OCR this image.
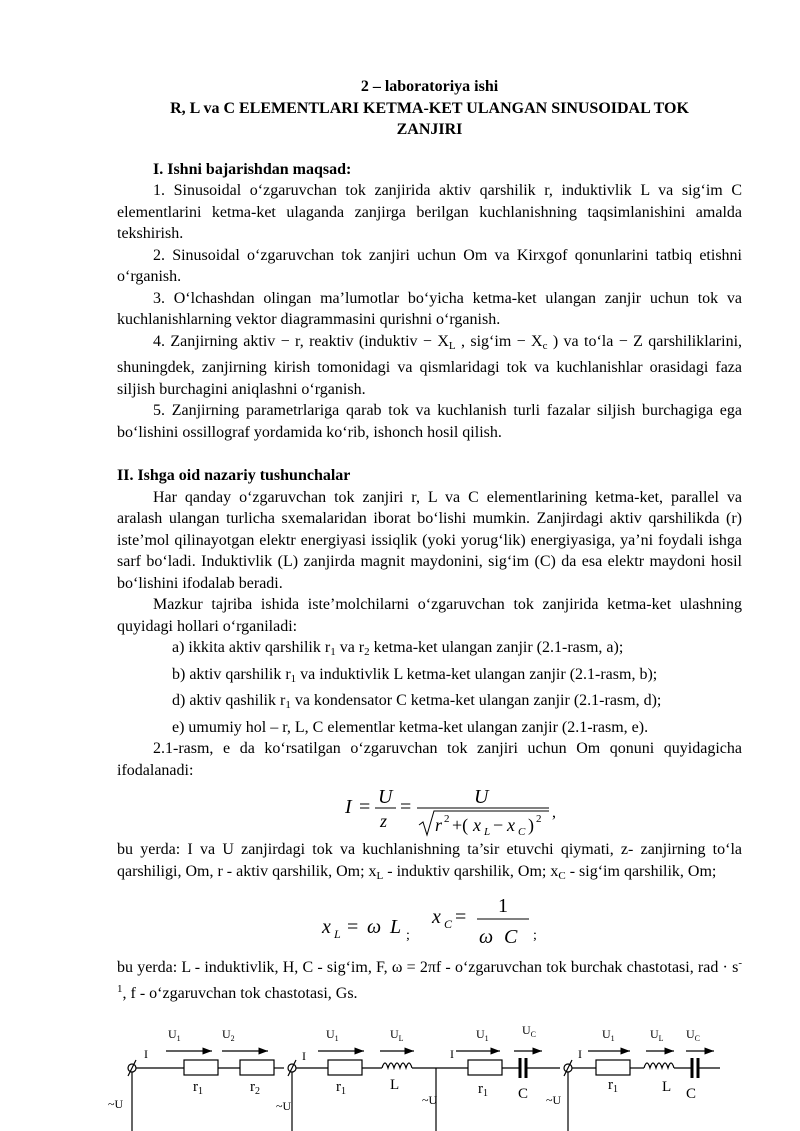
2 – laboratoriya ishi
R, L va C ELEMENTLARI KETMA-KET ULANGAN SINUSOIDAL TOK
ZANJIRI
I. Ishni bajarishdan maqsad:
1. Sinusoidal o‘zgaruvchan tok zanjirida aktiv qarshilik r, induktivlik L va sig‘im C elementlarini ketma-ket ulaganda zanjirga berilgan kuchlanishning taqsimlanishini amalda tekshirish.
2. Sinusoidal o‘zgaruvchan tok zanjiri uchun Om va Kirxgof qonunlarini tatbiq etishni o‘rganish.
3. O‘lchashdan olingan ma’lumotlar bo‘yicha ketma-ket ulangan zanjir uchun tok va kuchlanishlarning vektor diagrammasini qurishni o‘rganish.
4. Zanjirning aktiv − r, reaktiv (induktiv − $X_L$ , sig‘im − $X_c$ ) va to‘la − Z qarshiliklarini, shuningdek, zanjirning kirish tomonidagi va qismlaridagi tok va kuchlanishlar orasidagi faza siljish burchagini aniqlashni o‘rganish.
5. Zanjirning parametrlariga qarab tok va kuchlanish turli fazalar siljish burchagiga ega bo‘lishini ossillograf yordamida ko‘rib, ishonch hosil qilish.
II. Ishga oid nazariy tushunchalar
Har qanday o‘zgaruvchan tok zanjiri r, L va C elementlarining ketma-ket, parallel va aralash ulangan turlicha sxemalaridan iborat bo‘lishi mumkin. Zanjirdagi aktiv qarshilikda (r) iste’mol qilinayotgan elektr energiyasi issiqlik (yoki yorug‘lik) energiyasiga, ya’ni foydali ishga sarf bo‘ladi. Induktivlik (L) zanjirda magnit maydonini, sig‘im (C) da esa elektr maydoni hosil bo‘lishini ifodalab beradi.
Mazkur tajriba ishida iste’molchilarni o‘zgaruvchan tok zanjirida ketma-ket ulashning quyidagi hollari o‘rganiladi:
a) ikkita aktiv qarshilik $r_1$ va $r_2$ ketma-ket ulangan zanjir (2.1-rasm, a);
b) aktiv qarshilik $r_1$ va induktivlik L ketma-ket ulangan zanjir (2.1-rasm, b);
d) aktiv qashilik $r_1$ va kondensator C ketma-ket ulangan zanjir (2.1-rasm, d);
e) umumiy hol – r, L, C elementlar ketma-ket ulangan zanjir (2.1-rasm, e).
2.1-rasm, e da ko‘rsatilgan o‘zgaruvchan tok zanjiri uchun Om qonuni quyidagicha ifodalanadi:
I = U
z
=	U
r 2 +( x L − x C ) 2 ,
bu yerda: I va U zanjirdagi tok va kuchlanishning ta’sir etuvchi qiymati, z- zanjirning to‘la qarshiligi, Om, r - aktiv qarshilik, Om; $x_L$ - induktiv qarshilik, Om; $x_C$ - sig‘im qarshilik, Om;
x L = ω L ;
x C = 1
ω C ;
bu yerda: L - induktivlik, H, C - sig‘im, F, ω = 2πf - o‘zgaruvchan tok burchak chastotasi, rad · $s^{-1}$, f - o‘zgaruvchan tok chastotasi, Gs.
$U_1$	$U_2$
I
$r_1$	$r_2$
~U
$U_1$	$U_L$
I
$r_1$	L
~U
$U_1$
$U_C$
I
$r_1$ C
~U
$U_1$	$U_L$ $U_C$
I
$r_1$	L C
~U
